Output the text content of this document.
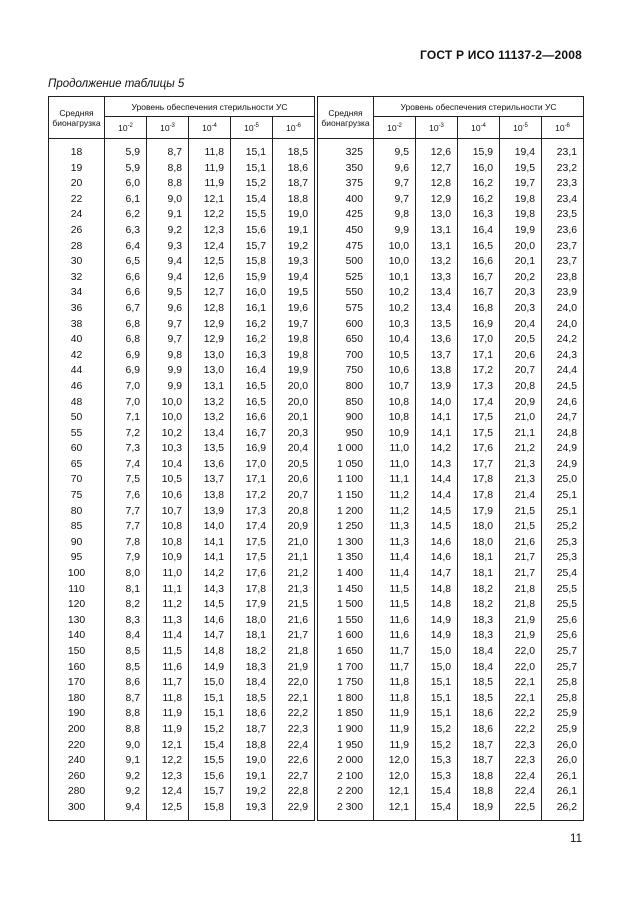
ГОСТ Р ИСО 11137-2—2008
Продолжение таблицы 5
Средняя бионагрузка	Уровень обеспечения стерильности УС				
	$10^{-2}$	$10^{-3}$	$10^{-4}$	$10^{-5}$	$10^{-6}$

18	5,9	8,7	11,8	15,1	18,5
19	5,9	8,8	11,9	15,1	18,6
20	6,0	8,8	11,9	15,2	18,7
22	6,1	9,0	12,1	15,4	18,8
24	6,2	9,1	12,2	15,5	19,0
26	6,3	9,2	12,3	15,6	19,1
28	6,4	9,3	12,4	15,7	19,2
30	6,5	9,4	12,5	15,8	19,3
32	6,6	9,4	12,6	15,9	19,4
34	6,6	9,5	12,7	16,0	19,5
36	6,7	9,6	12,8	16,1	19,6
38	6,8	9,7	12,9	16,2	19,7
40	6,8	9,7	12,9	16,2	19,8
42	6,9	9,8	13,0	16,3	19,8
44	6,9	9,9	13,0	16,4	19,9
46	7,0	9,9	13,1	16,5	20,0
48	7,0	10,0	13,2	16,5	20,0
50	7,1	10,0	13,2	16,6	20,1
55	7,2	10,2	13,4	16,7	20,3
60	7,3	10,3	13,5	16,9	20,4
65	7,4	10,4	13,6	17,0	20,5
70	7,5	10,5	13,7	17,1	20,6
75	7,6	10,6	13,8	17,2	20,7
80	7,7	10,7	13,9	17,3	20,8
85	7,7	10,8	14,0	17,4	20,9
90	7,8	10,8	14,1	17,5	21,0
95	7,9	10,9	14,1	17,5	21,1
100	8,0	11,0	14,2	17,6	21,2
110	8,1	11,1	14,3	17,8	21,3
120	8,2	11,2	14,5	17,9	21,5
130	8,3	11,3	14,6	18,0	21,6
140	8,4	11,4	14,7	18,1	21,7
150	8,5	11,5	14,8	18,2	21,8
160	8,5	11,6	14,9	18,3	21,9
170	8,6	11,7	15,0	18,4	22,0
180	8,7	11,8	15,1	18,5	22,1
190	8,8	11,9	15,1	18,6	22,2
200	8,8	11,9	15,2	18,7	22,3
220	9,0	12,1	15,4	18,8	22,4
240	9,1	12,2	15,5	19,0	22,6
260	9,2	12,3	15,6	19,1	22,7
280	9,2	12,4	15,7	19,2	22,8
300	9,4	12,5	15,8	19,3	22,9

Средняя бионагрузка	Уровень обеспечения стерильности УС				
	$10^{-2}$	$10^{-3}$	$10^{-4}$	$10^{-5}$	$10^{-6}$

325	9,5	12,6	15,9	19,4	23,1
350	9,6	12,7	16,0	19,5	23,2
375	9,7	12,8	16,2	19,7	23,3
400	9,7	12,9	16,2	19,8	23,4
425	9,8	13,0	16,3	19,8	23,5
450	9,9	13,1	16,4	19,9	23,6
475	10,0	13,1	16,5	20,0	23,7
500	10,0	13,2	16,6	20,1	23,7
525	10,1	13,3	16,7	20,2	23,8
550	10,2	13,4	16,7	20,3	23,9
575	10,2	13,4	16,8	20,3	24,0
600	10,3	13,5	16,9	20,4	24,0
650	10,4	13,6	17,0	20,5	24,2
700	10,5	13,7	17,1	20,6	24,3
750	10,6	13,8	17,2	20,7	24,4
800	10,7	13,9	17,3	20,8	24,5
850	10,8	14,0	17,4	20,9	24,6
900	10,8	14,1	17,5	21,0	24,7
950	10,9	14,1	17,5	21,1	24,8
1 000	11,0	14,2	17,6	21,2	24,9
1 050	11,0	14,3	17,7	21,3	24,9
1 100	11,1	14,4	17,8	21,3	25,0
1 150	11,2	14,4	17,8	21,4	25,1
1 200	11,2	14,5	17,9	21,5	25,1
1 250	11,3	14,5	18,0	21,5	25,2
1 300	11,3	14,6	18,0	21,6	25,3
1 350	11,4	14,6	18,1	21,7	25,3
1 400	11,4	14,7	18,1	21,7	25,4
1 450	11,5	14,8	18,2	21,8	25,5
1 500	11,5	14,8	18,2	21,8	25,5
1 550	11,6	14,9	18,3	21,9	25,6
1 600	11,6	14,9	18,3	21,9	25,6
1 650	11,7	15,0	18,4	22,0	25,7
1 700	11,7	15,0	18,4	22,0	25,7
1 750	11,8	15,1	18,5	22,1	25,8
1 800	11,8	15,1	18,5	22,1	25,8
1 850	11,9	15,1	18,6	22,2	25,9
1 900	11,9	15,2	18,6	22,2	25,9
1 950	11,9	15,2	18,7	22,3	26,0
2 000	12,0	15,3	18,7	22,3	26,0
2 100	12,0	15,3	18,8	22,4	26,1
2 200	12,1	15,4	18,8	22,4	26,1
2 300	12,1	15,4	18,9	22,5	26,2

11
